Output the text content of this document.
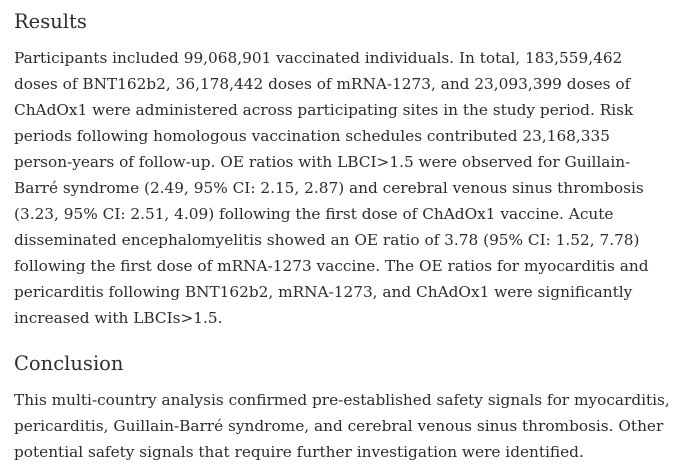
Results

Participants included 99,068,901 vaccinated individuals. In total, 183,559,462 doses of BNT162b2, 36,178,442 doses of mRNA-1273, and 23,093,399 doses of ChAdOx1 were administered across participating sites in the study period. Risk periods following homologous vaccination schedules contributed 23,168,335 person-years of follow-up. OE ratios with LBCI>1.5 were observed for Guillain-Barré syndrome (2.49, 95% CI: 2.15, 2.87) and cerebral venous sinus thrombosis (3.23, 95% CI: 2.51, 4.09) following the first dose of ChAdOx1 vaccine. Acute disseminated encephalomyelitis showed an OE ratio of 3.78 (95% CI: 1.52, 7.78) following the first dose of mRNA-1273 vaccine. The OE ratios for myocarditis and pericarditis following BNT162b2, mRNA-1273, and ChAdOx1 were significantly increased with LBCIs>1.5.

Conclusion

This multi-country analysis confirmed pre-established safety signals for myocarditis, pericarditis, Guillain-Barré syndrome, and cerebral venous sinus thrombosis. Other potential safety signals that require further investigation were identified.
